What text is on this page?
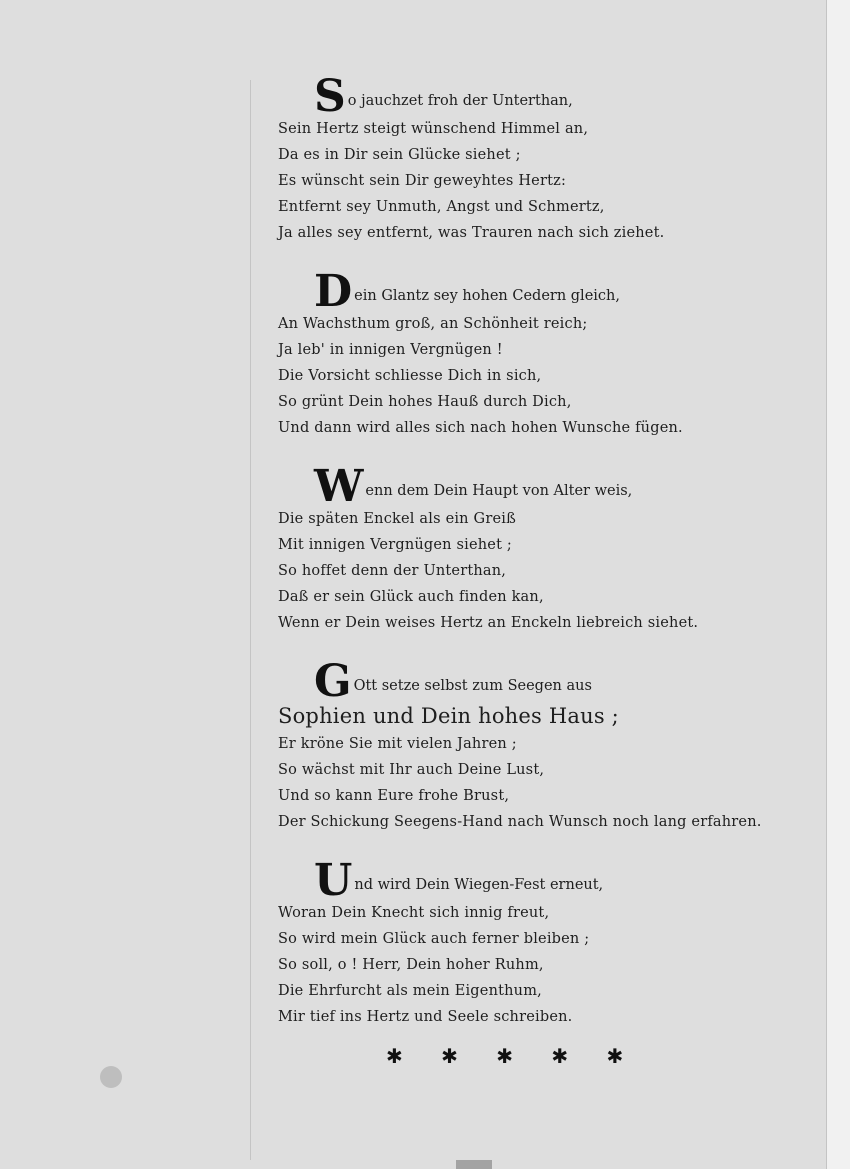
So jauchzet froh der Unterthan,
Sein Hertz steigt wünschend Himmel an,
Da es in Dir sein Glücke siehet ;
Es wünscht sein Dir geweyhtes Hertz:
Entfernt sey Unmuth, Angst und Schmertz,
Ja alles sey entfernt, was Trauren nach sich ziehet.
Dein Glantz sey hohen Cedern gleich,
An Wachsthum groß, an Schönheit reich;
Ja leb' in innigen Vergnügen !
Die Vorsicht schliesse Dich in sich,
So grünt Dein hohes Hauß durch Dich,
Und dann wird alles sich nach hohen Wunsche fügen.
Wenn dem Dein Haupt von Alter weis,
Die späten Enckel als ein Greiß
Mit innigen Vergnügen siehet ;
So hoffet denn der Unterthan,
Daß er sein Glück auch finden kan,
Wenn er Dein weises Hertz an Enckeln liebreich siehet.
G Ott setze selbst zum Seegen aus
Sophien und Dein hohes Haus ;
Er kröne Sie mit vielen Jahren ;
So wächst mit Ihr auch Deine Lust,
Und so kann Eure frohe Brust,
Der Schickung Seegens-Hand nach Wunsch noch lang erfahren.
Und wird Dein Wiegen-Fest erneut,
Woran Dein Knecht sich innig freut,
So wird mein Glück auch ferner bleiben ;
So soll, o ! Herr, Dein hoher Ruhm,
Die Ehrfurcht als mein Eigenthum,
Mir tief ins Hertz und Seele schreiben.
✱ ✱ ✱ ✱ ✱
